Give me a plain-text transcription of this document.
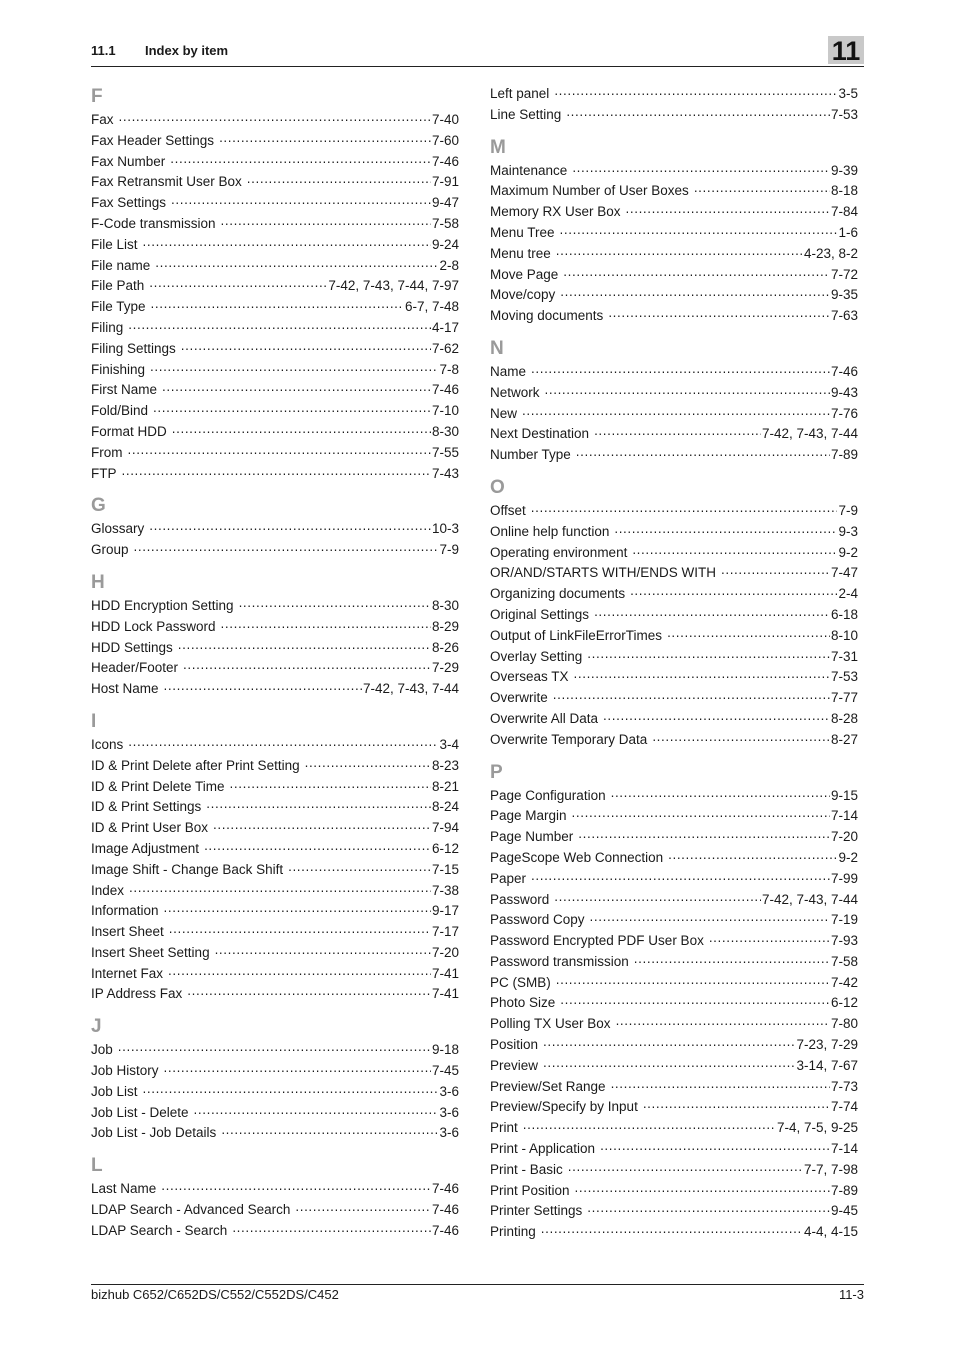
11.1 Index by item	11
F
Fax .....	7-40
Fax Header Settings .....	7-60
Fax Number .....	7-46
Fax Retransmit User Box .....	7-91
Fax Settings .....	9-47
F-Code transmission .....	7-58
File List .....	9-24
File name .....	2-8
File Path .....	7-42, 7-43, 7-44, 7-97
File Type .....	6-7, 7-48
Filing .....	4-17
Filing Settings .....	7-62
Finishing .....	7-8
First Name .....	7-46
Fold/Bind .....	7-10
Format HDD .....	8-30
From .....	7-55
FTP .....	7-43
G
Glossary .....	10-3
Group .....	7-9
H
HDD Encryption Setting .....	8-30
HDD Lock Password .....	8-29
HDD Settings .....	8-26
Header/Footer .....	7-29
Host Name .....	7-42, 7-43, 7-44
I
Icons .....	3-4
ID & Print Delete after Print Setting .....	8-23
ID & Print Delete Time .....	8-21
ID & Print Settings .....	8-24
ID & Print User Box .....	7-94
Image Adjustment .....	6-12
Image Shift - Change Back Shift .....	7-15
Index .....	7-38
Information .....	9-17
Insert Sheet .....	7-17
Insert Sheet Setting .....	7-20
Internet Fax .....	7-41
IP Address Fax .....	7-41
J
Job .....	9-18
Job History .....	7-45
Job List .....	3-6
Job List - Delete .....	3-6
Job List - Job Details .....	3-6
L
Last Name .....	7-46
LDAP Search - Advanced Search .....	7-46
LDAP Search - Search .....	7-46
Left panel .....	3-5
Line Setting .....	7-53
M
Maintenance .....	9-39
Maximum Number of User Boxes .....	8-18
Memory RX User Box .....	7-84
Menu Tree .....	1-6
Menu tree .....	4-23, 8-2
Move Page .....	7-72
Move/copy .....	9-35
Moving documents .....	7-63
N
Name .....	7-46
Network .....	9-43
New .....	7-76
Next Destination .....	7-42, 7-43, 7-44
Number Type .....	7-89
O
Offset .....	7-9
Online help function .....	9-3
Operating environment .....	9-2
OR/AND/STARTS WITH/ENDS WITH .....	7-47
Organizing documents .....	2-4
Original Settings .....	6-18
Output of LinkFileErrorTimes .....	8-10
Overlay Setting .....	7-31
Overseas TX .....	7-53
Overwrite .....	7-77
Overwrite All Data .....	8-28
Overwrite Temporary Data .....	8-27
P
Page Configuration .....	9-15
Page Margin .....	7-14
Page Number .....	7-20
PageScope Web Connection .....	9-2
Paper .....	7-99
Password .....	7-42, 7-43, 7-44
Password Copy .....	7-19
Password Encrypted PDF User Box .....	7-93
Password transmission .....	7-58
PC (SMB) .....	7-42
Photo Size .....	6-12
Polling TX User Box .....	7-80
Position .....	7-23, 7-29
Preview .....	3-14, 7-67
Preview/Set Range .....	7-73
Preview/Specify by Input .....	7-74
Print .....	7-4, 7-5, 9-25
Print - Application .....	7-14
Print - Basic .....	7-7, 7-98
Print Position .....	7-89
Printer Settings .....	9-45
Printing .....	4-4, 4-15
bizhub C652/C652DS/C552/C552DS/C452	11-3
